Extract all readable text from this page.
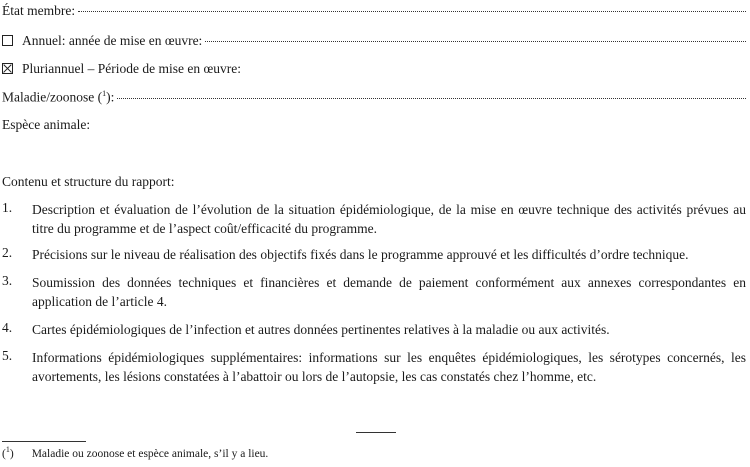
État membre:
Annuel: année de mise en œuvre:
Pluriannuel – Période de mise en œuvre:
Maladie/zoonose ($^1$):
Espèce animale:
Contenu et structure du rapport:
1.	Description et évaluation de l’évolution de la situation épidémiologique, de la mise en œuvre technique des activités prévues au titre du programme et de l’aspect coût/efficacité du programme.
2.	Précisions sur le niveau de réalisation des objectifs fixés dans le programme approuvé et les difficultés d’ordre technique.
3.	Soumission des données techniques et financières et demande de paiement conformément aux annexes correspondantes en application de l’article 4.
4.	Cartes épidémiologiques de l’infection et autres données pertinentes relatives à la maladie ou aux activités.
5.	Informations épidémiologiques supplémentaires: informations sur les enquêtes épidémiologiques, les sérotypes concernés, les avortements, les lésions constatées à l’abattoir ou lors de l’autopsie, les cas constatés chez l’homme, etc.
($^1$) Maladie ou zoonose et espèce animale, s’il y a lieu.
